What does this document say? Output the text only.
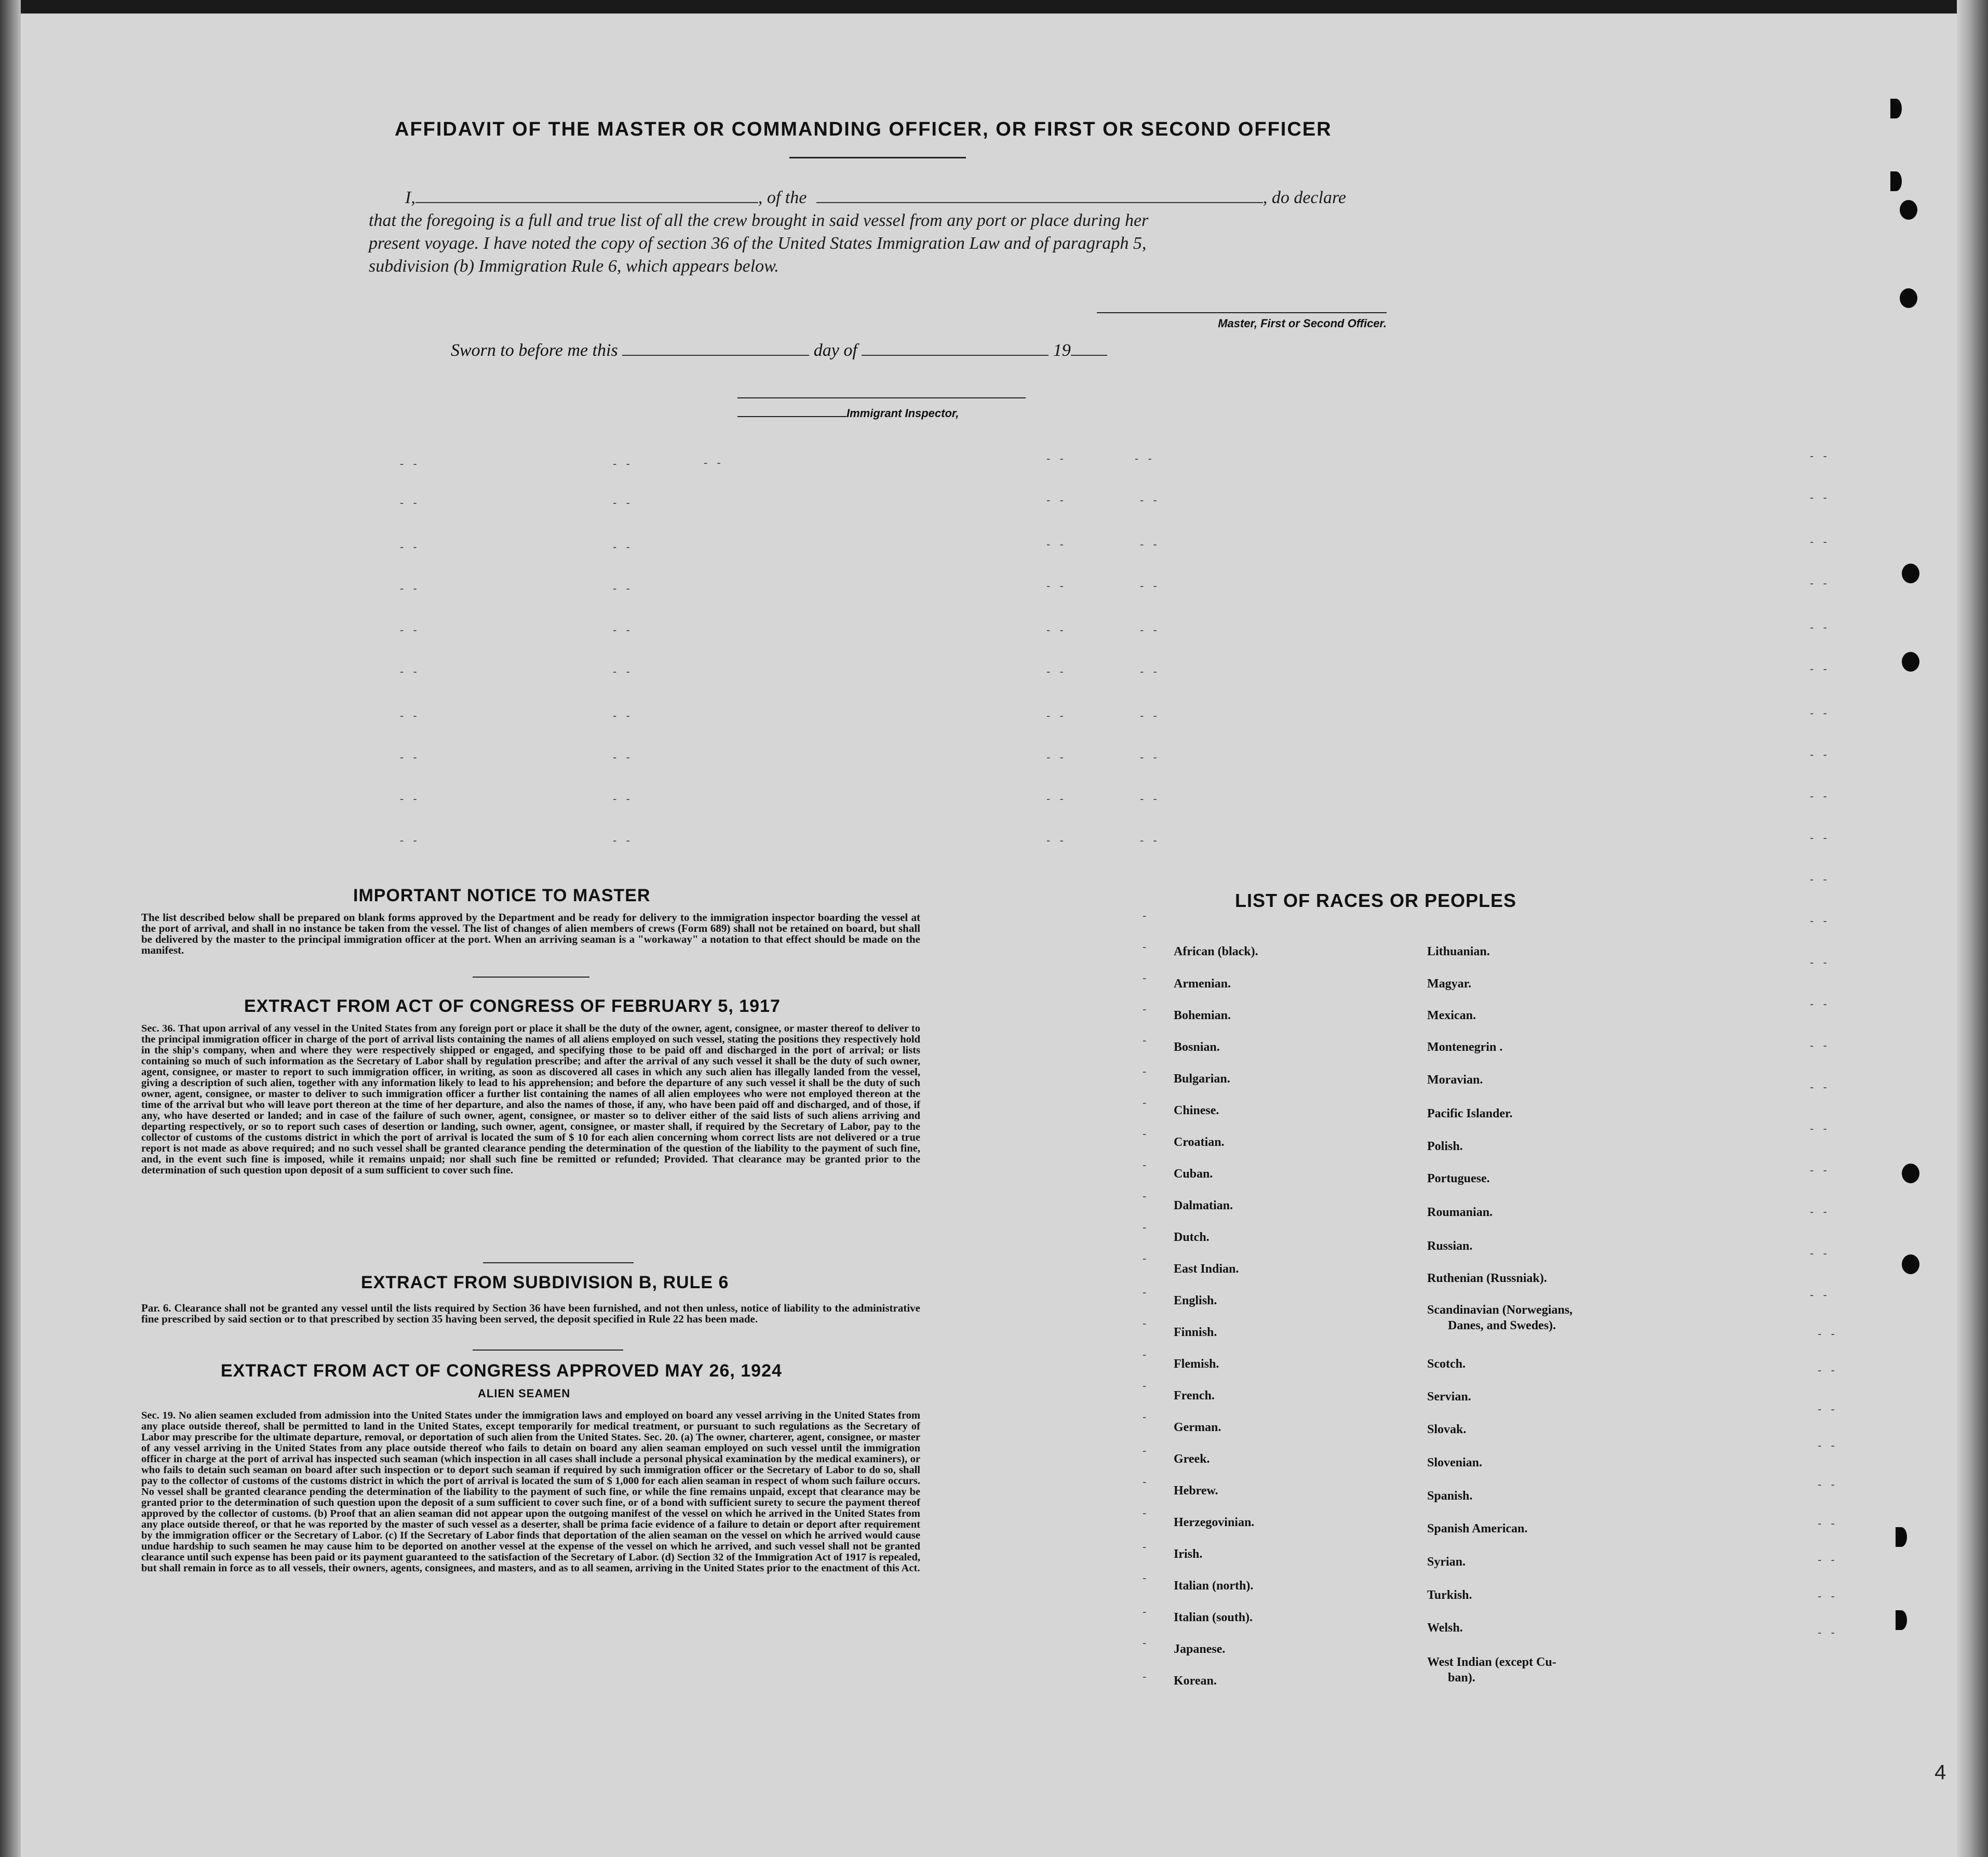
AFFIDAVIT OF THE MASTER OR COMMANDING OFFICER, OR FIRST OR SECOND OFFICER
I,	, of the	, do declare
that the foregoing is a full and true list of all the crew brought in said vessel from any port or place during her
present voyage. I have noted the copy of section 36 of the United States Immigration Law and of paragraph 5,
subdivision (b) Immigration Rule 6, which appears below.
Master, First or Second Officer.
Sworn to before me this	day of	19
Immigrant Inspector,
- -	- -	- -	- -	- -	- -
- -	- -	- -	- -	- -
- -	- -	- -	- -	- -
- -	- -	- -	- -	- -
- -	- -	- -	- -	- -
- -	- -	- -	- -	- -
- -	- -	- -	- -	- -
- -	- -	- -	- -	- -
- -	- -	- -	- -	- -
- -	- -	- -	- -	- -
- -
- -
- -
- -
- -
- -
- -
- -
- -
- -
- -
- -
- -
- -
- -
- -
- -
- -
- -
- -
-
-
-
-
-
-
-
-
-
-
-
-
-
-
-
-
-
-
-
-
-
-
-
-
-
IMPORTANT NOTICE TO MASTER
The list described below shall be prepared on blank forms approved by the Department and be ready for delivery to the immigration inspector boarding the vessel at the port of arrival, and shall in no instance be taken from the vessel. The list of changes of alien members of crews (Form 689) shall not be retained on board, but shall be delivered by the master to the principal immigration officer at the port. When an arriving seaman is a "workaway" a notation to that effect should be made on the manifest.
EXTRACT FROM ACT OF CONGRESS OF FEBRUARY 5, 1917
Sec. 36. That upon arrival of any vessel in the United States from any foreign port or place it shall be the duty of the owner, agent, consignee, or master thereof to deliver to the principal immigration officer in charge of the port of arrival lists containing the names of all aliens employed on such vessel, stating the positions they respectively hold in the ship's company, when and where they were respectively shipped or engaged, and specifying those to be paid off and discharged in the port of arrival; or lists containing so much of such information as the Secretary of Labor shall by regulation prescribe; and after the arrival of any such vessel it shall be the duty of such owner, agent, consignee, or master to report to such immigration officer, in writing, as soon as discovered all cases in which any such alien has illegally landed from the vessel, giving a description of such alien, together with any information likely to lead to his apprehension; and before the departure of any such vessel it shall be the duty of such owner, agent, consignee, or master to deliver to such immigration officer a further list containing the names of all alien employees who were not employed thereon at the time of the arrival but who will leave port thereon at the time of her departure, and also the names of those, if any, who have been paid off and discharged, and of those, if any, who have deserted or landed; and in case of the failure of such owner, agent, consignee, or master so to deliver either of the said lists of such aliens arriving and departing respectively, or so to report such cases of desertion or landing, such owner, agent, consignee, or master shall, if required by the Secretary of Labor, pay to the collector of customs of the customs district in which the port of arrival is located the sum of $ 10 for each alien concerning whom correct lists are not delivered or a true report is not made as above required; and no such vessel shall be granted clearance pending the determination of the question of the liability to the payment of such fine, and, in the event such fine is imposed, while it remains unpaid; nor shall such fine be remitted or refunded; Provided. That clearance may be granted prior to the determination of such question upon deposit of a sum sufficient to cover such fine.
EXTRACT FROM SUBDIVISION B, RULE 6
Par. 6. Clearance shall not be granted any vessel until the lists required by Section 36 have been furnished, and not then unless, notice of liability to the administrative fine prescribed by said section or to that prescribed by section 35 having been served, the deposit specified in Rule 22 has been made.
EXTRACT FROM ACT OF CONGRESS APPROVED MAY 26, 1924
ALIEN SEAMEN
Sec. 19. No alien seamen excluded from admission into the United States under the immigration laws and employed on board any vessel arriving in the United States from any place outside thereof, shall be permitted to land in the United States, except temporarily for medical treatment, or pursuant to such regulations as the Secretary of Labor may prescribe for the ultimate departure, removal, or deportation of such alien from the United States. Sec. 20. (a) The owner, charterer, agent, consignee, or master of any vessel arriving in the United States from any place outside thereof who fails to detain on board any alien seaman employed on such vessel until the immigration officer in charge at the port of arrival has inspected such seaman (which inspection in all cases shall include a personal physical examination by the medical examiners), or who fails to detain such seaman on board after such inspection or to deport such seaman if required by such immigration officer or the Secretary of Labor to do so, shall pay to the collector of customs of the customs district in which the port of arrival is located the sum of $ 1,000 for each alien seaman in respect of whom such failure occurs. No vessel shall be granted clearance pending the determination of the liability to the payment of such fine, or while the fine remains unpaid, except that clearance may be granted prior to the determination of such question upon the deposit of a sum sufficient to cover such fine, or of a bond with sufficient surety to secure the payment thereof approved by the collector of customs. (b) Proof that an alien seaman did not appear upon the outgoing manifest of the vessel on which he arrived in the United States from any place outside thereof, or that he was reported by the master of such vessel as a deserter, shall be prima facie evidence of a failure to detain or deport after requirement by the immigration officer or the Secretary of Labor. (c) If the Secretary of Labor finds that deportation of the alien seaman on the vessel on which he arrived would cause undue hardship to such seamen he may cause him to be deported on another vessel at the expense of the vessel on which he arrived, and such vessel shall not be granted clearance until such expense has been paid or its payment guaranteed to the satisfaction of the Secretary of Labor. (d) Section 32 of the Immigration Act of 1917 is repealed, but shall remain in force as to all vessels, their owners, agents, consignees, and masters, and as to all seamen, arriving in the United States prior to the enactment of this Act.
LIST OF RACES OR PEOPLES
African (black).
Armenian.
Bohemian.
Bosnian.
Bulgarian.
Chinese.
Croatian.
Cuban.
Dalmatian.
Dutch.
East Indian.
English.
Finnish.
Flemish.
French.
German.
Greek.
Hebrew.
Herzegovinian.
Irish.
Italian (north).
Italian (south).
Japanese.
Korean.
Lithuanian.
Magyar.
Mexican.
Montenegrin .
Moravian.
Pacific Islander.
Polish.
Portuguese.
Roumanian.
Russian.
Ruthenian (Russniak).
Scandinavian (Norwegians,
Danes, and Swedes).
Scotch.
Servian.
Slovak.
Slovenian.
Spanish.
Spanish American.
Syrian.
Turkish.
Welsh.
West Indian (except Cu-
ban).
4
